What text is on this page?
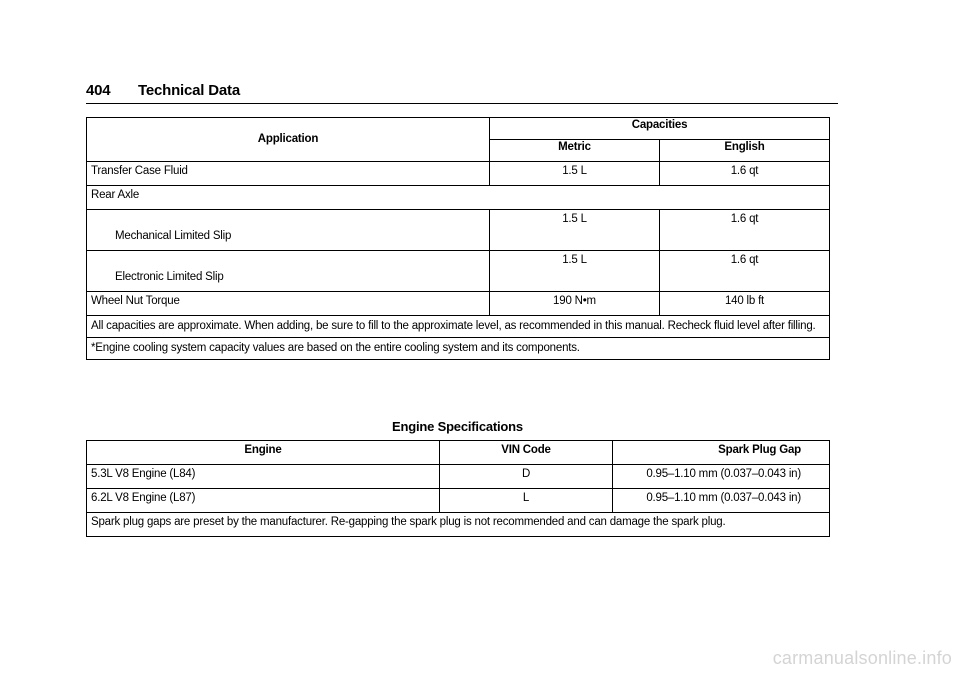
404 Technical Data
Application	Capacities	
	Metric	English
Transfer Case Fluid	1.5 L	1.6 qt
Rear Axle		

Mechanical Limited Slip	1.5 L	1.6 qt

Electronic Limited Slip	1.5 L	1.6 qt

Wheel Nut Torque	190 N•m	140 lb ft
All capacities are approximate. When adding, be sure to fill to the approximate level, as recommended in this manual. Recheck fluid level after filling.		
*Engine cooling system capacity values are based on the entire cooling system and its components.		
Engine Specifications
Engine	VIN Code	Spark Plug Gap
5.3L V8 Engine (L84)	D	0.95–1.10 mm (0.037–0.043 in)
6.2L V8 Engine (L87)	L	0.95–1.10 mm (0.037–0.043 in)
Spark plug gaps are preset by the manufacturer. Re-gapping the spark plug is not recommended and can damage the spark plug.		
carmanualsonline.info
